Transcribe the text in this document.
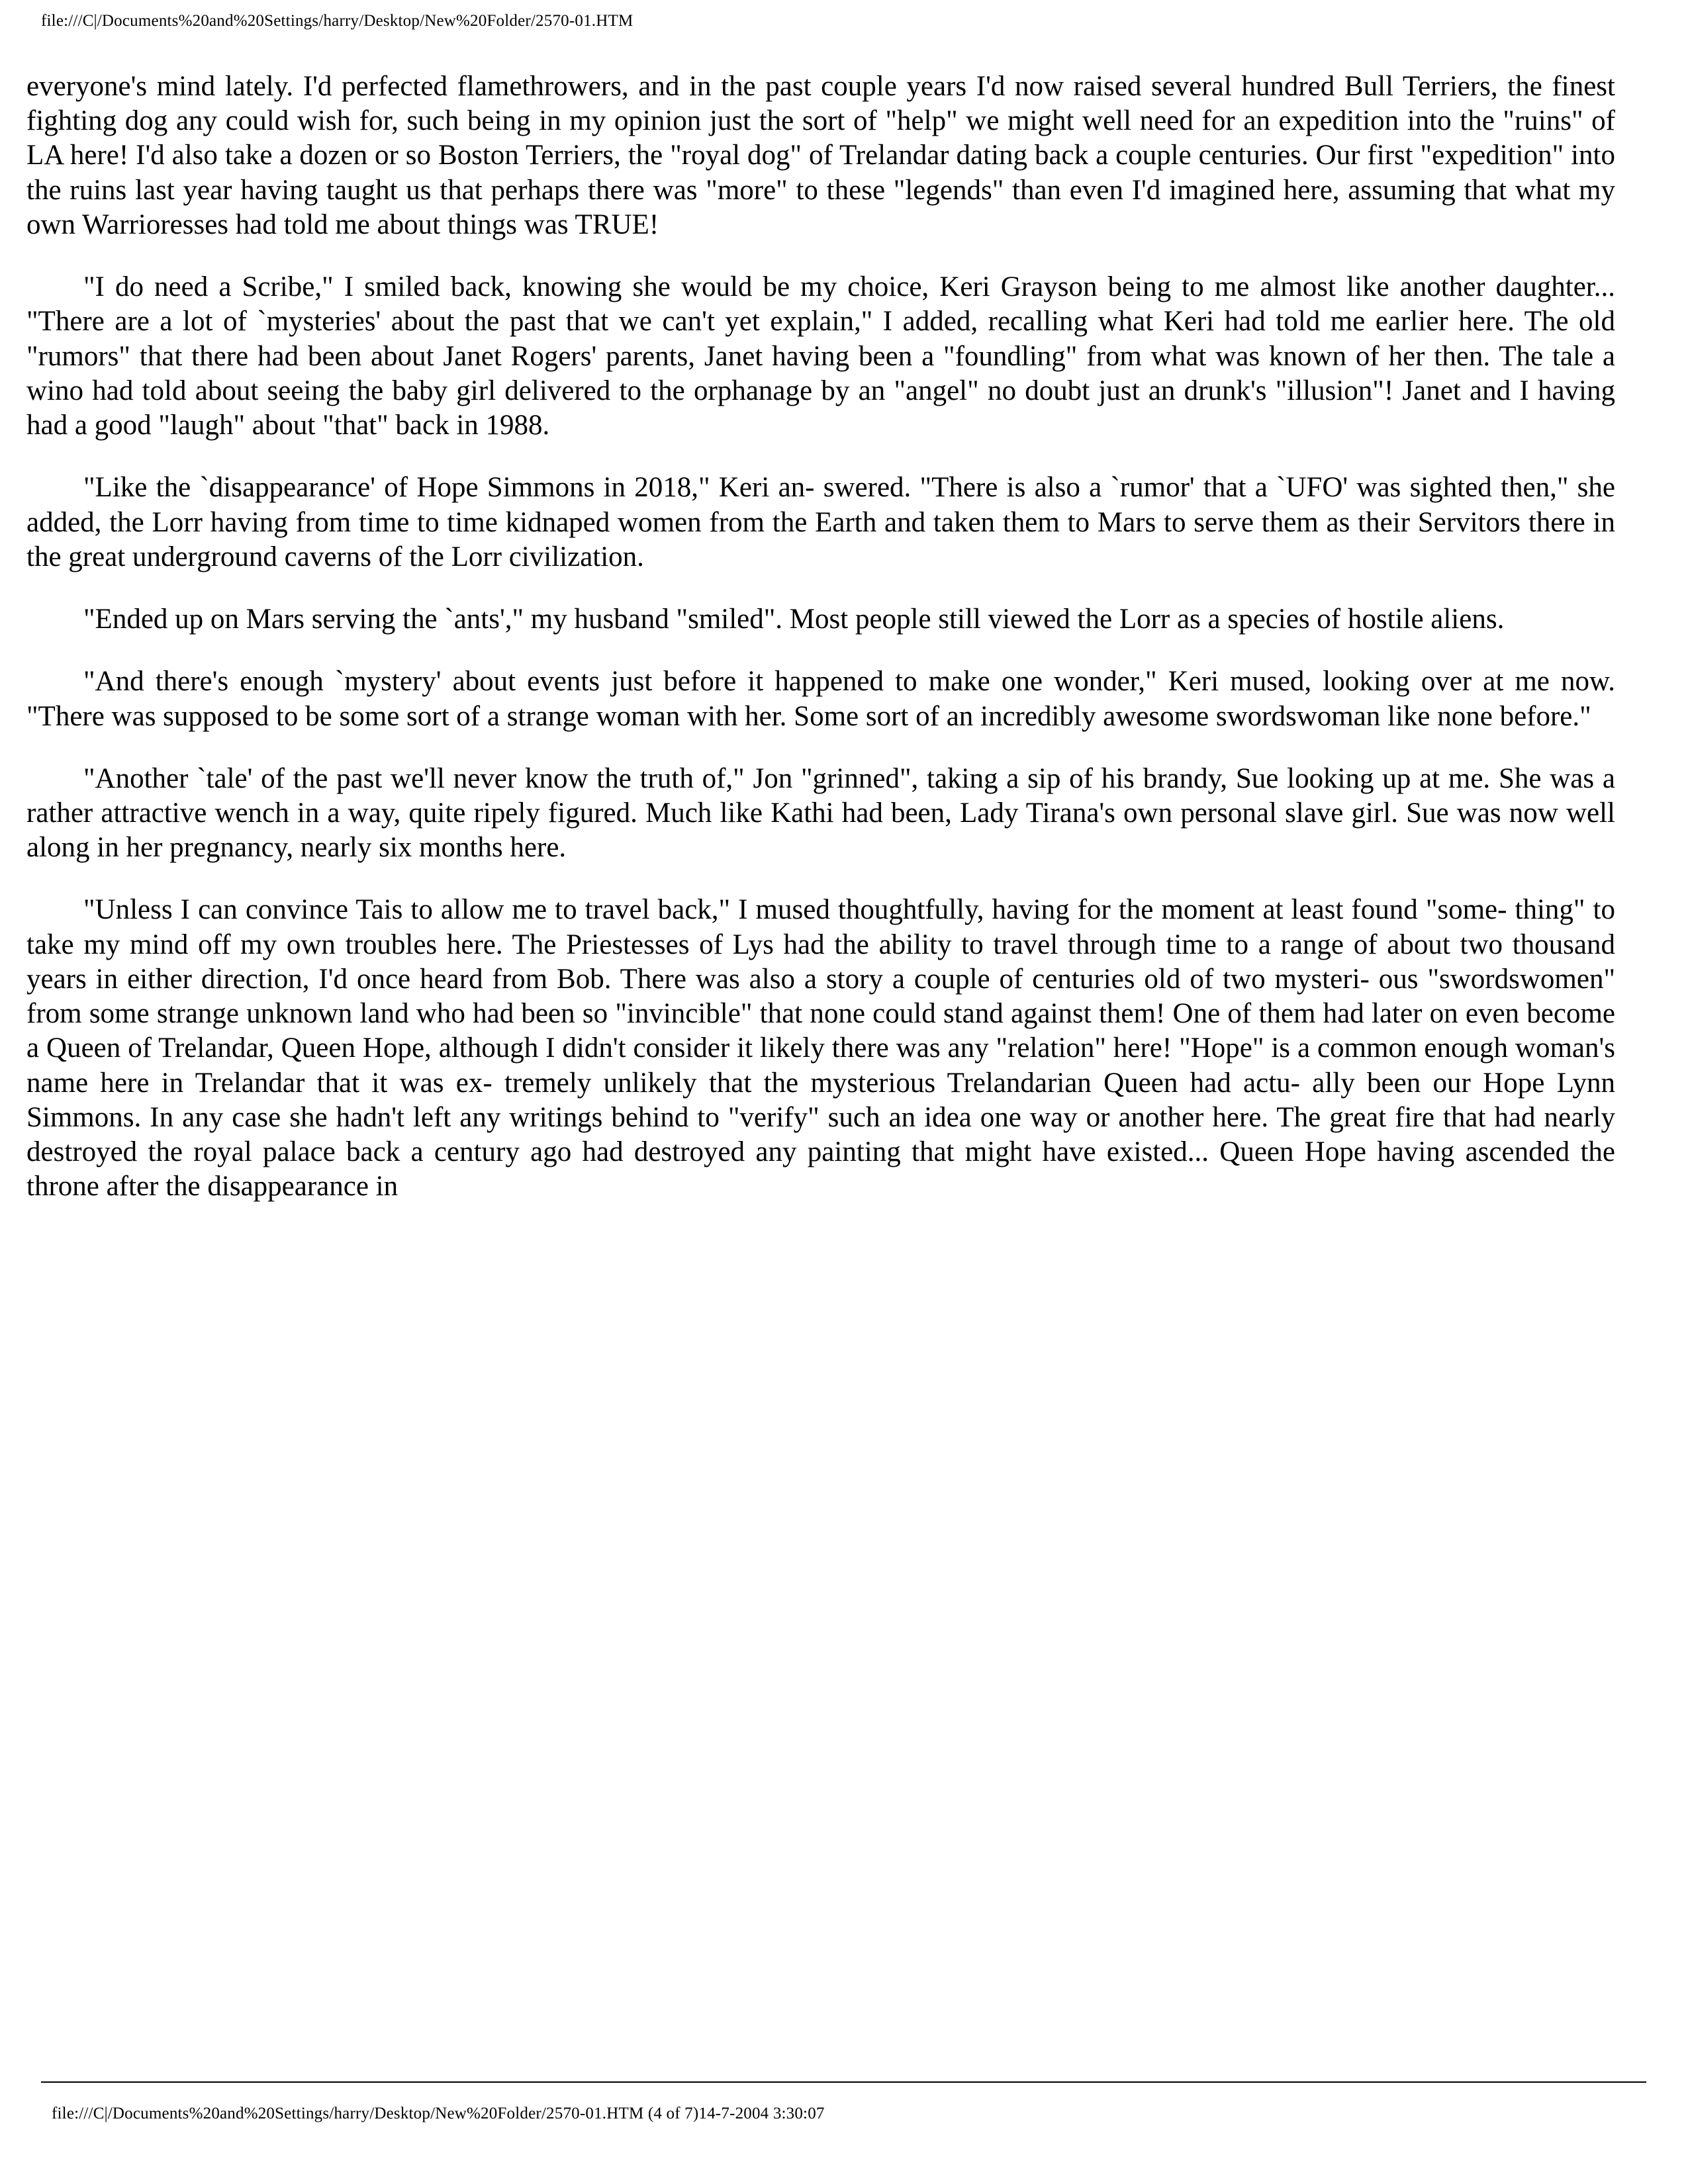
file:///C|/Documents%20and%20Settings/harry/Desktop/New%20Folder/2570-01.HTM

everyone's mind lately. I'd perfected flamethrowers, and in the past couple years I'd now raised several hundred Bull Terriers, the finest fighting dog any could wish for, such being in my opinion just the sort of "help" we might well need for an expedition into the "ruins" of LA here! I'd also take a dozen or so Boston Terriers, the "royal dog" of Trelandar dating back a couple centuries. Our first "expedition" into the ruins last year having taught us that perhaps there was "more" to these "legends" than even I'd imagined here, assuming that what my own Warrioresses had told me about things was TRUE!

"I do need a Scribe," I smiled back, knowing she would be my choice, Keri Grayson being to me almost like another daughter... "There are a lot of `mysteries' about the past that we can't yet explain," I added, recalling what Keri had told me earlier here. The old "rumors" that there had been about Janet Rogers' parents, Janet having been a "foundling" from what was known of her then. The tale a wino had told about seeing the baby girl delivered to the orphanage by an "angel" no doubt just an drunk's "illusion"! Janet and I having had a good "laugh" about "that" back in 1988.

"Like the `disappearance' of Hope Simmons in 2018," Keri an- swered. "There is also a `rumor' that a `UFO' was sighted then," she added, the Lorr having from time to time kidnaped women from the Earth and taken them to Mars to serve them as their Servitors there in the great underground caverns of the Lorr civilization.

"Ended up on Mars serving the `ants'," my husband "smiled". Most people still viewed the Lorr as a species of hostile aliens.

"And there's enough `mystery' about events just before it happened to make one wonder," Keri mused, looking over at me now. "There was supposed to be some sort of a strange woman with her. Some sort of an incredibly awesome swordswoman like none before."

"Another `tale' of the past we'll never know the truth of," Jon "grinned", taking a sip of his brandy, Sue looking up at me. She was a rather attractive wench in a way, quite ripely figured. Much like Kathi had been, Lady Tirana's own personal slave girl. Sue was now well along in her pregnancy, nearly six months here.

"Unless I can convince Tais to allow me to travel back," I mused thoughtfully, having for the moment at least found "some- thing" to take my mind off my own troubles here. The Priestesses of Lys had the ability to travel through time to a range of about two thousand years in either direction, I'd once heard from Bob. There was also a story a couple of centuries old of two mysteri- ous "swordswomen" from some strange unknown land who had been so "invincible" that none could stand against them! One of them had later on even become a Queen of Trelandar, Queen Hope, although I didn't consider it likely there was any "relation" here! "Hope" is a common enough woman's name here in Trelandar that it was ex- tremely unlikely that the mysterious Trelandarian Queen had actu- ally been our Hope Lynn Simmons. In any case she hadn't left any writings behind to "verify" such an idea one way or another here. The great fire that had nearly destroyed the royal palace back a century ago had destroyed any painting that might have existed... Queen Hope having ascended the throne after the disappearance in

file:///C|/Documents%20and%20Settings/harry/Desktop/New%20Folder/2570-01.HTM (4 of 7)14-7-2004 3:30:07
